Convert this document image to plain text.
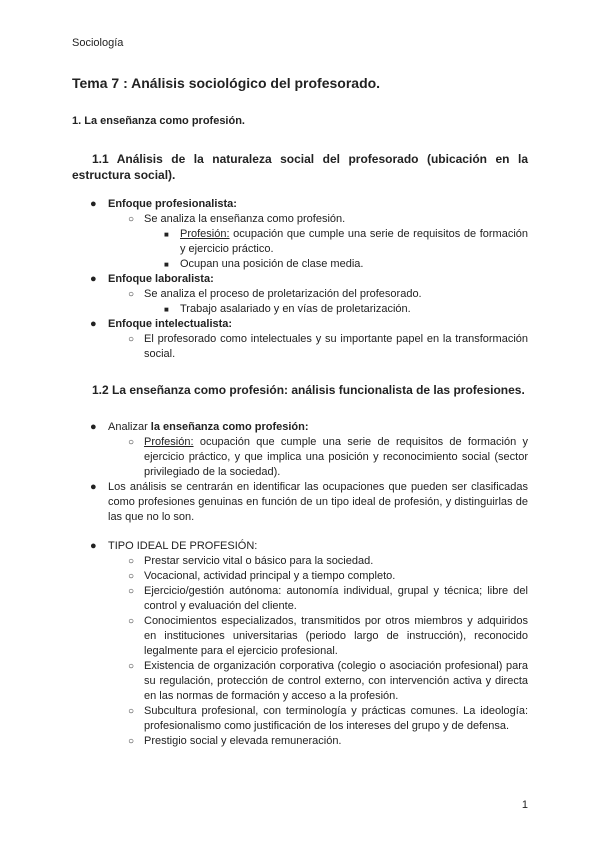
Sociología
Tema 7 : Análisis sociológico del profesorado.
1. La enseñanza como profesión.
1.1 Análisis de la naturaleza social del profesorado (ubicación en la estructura social).
● Enfoque profesionalista:
○ Se analiza la enseñanza como profesión.
■ Profesión: ocupación que cumple una serie de requisitos de formación y ejercicio práctico.
■ Ocupan una posición de clase media.
● Enfoque laboralista:
○ Se analiza el proceso de proletarización del profesorado.
■ Trabajo asalariado y en vías de proletarización.
● Enfoque intelectualista:
○ El profesorado como intelectuales y su importante papel en la transformación social.
1.2 La enseñanza como profesión: análisis funcionalista de las profesiones.
● Analizar la enseñanza como profesión:
○ Profesión: ocupación que cumple una serie de requisitos de formación y ejercicio práctico, y que implica una posición y reconocimiento social (sector privilegiado de la sociedad).
● Los análisis se centrarán en identificar las ocupaciones que pueden ser clasificadas como profesiones genuinas en función de un tipo ideal de profesión, y distinguirlas de las que no lo son.
● TIPO IDEAL DE PROFESIÓN:
○ Prestar servicio vital o básico para la sociedad.
○ Vocacional, actividad principal y a tiempo completo.
○ Ejercicio/gestión autónoma: autonomía individual, grupal y técnica; libre del control y evaluación del cliente.
○ Conocimientos especializados, transmitidos por otros miembros y adquiridos en instituciones universitarias (periodo largo de instrucción), reconocido legalmente para el ejercicio profesional.
○ Existencia de organización corporativa (colegio o asociación profesional) para su regulación, protección de control externo, con intervención activa y directa en las normas de formación y acceso a la profesión.
○ Subcultura profesional, con terminología y prácticas comunes. La ideología: profesionalismo como justificación de los intereses del grupo y de defensa.
○ Prestigio social y elevada remuneración.
1
